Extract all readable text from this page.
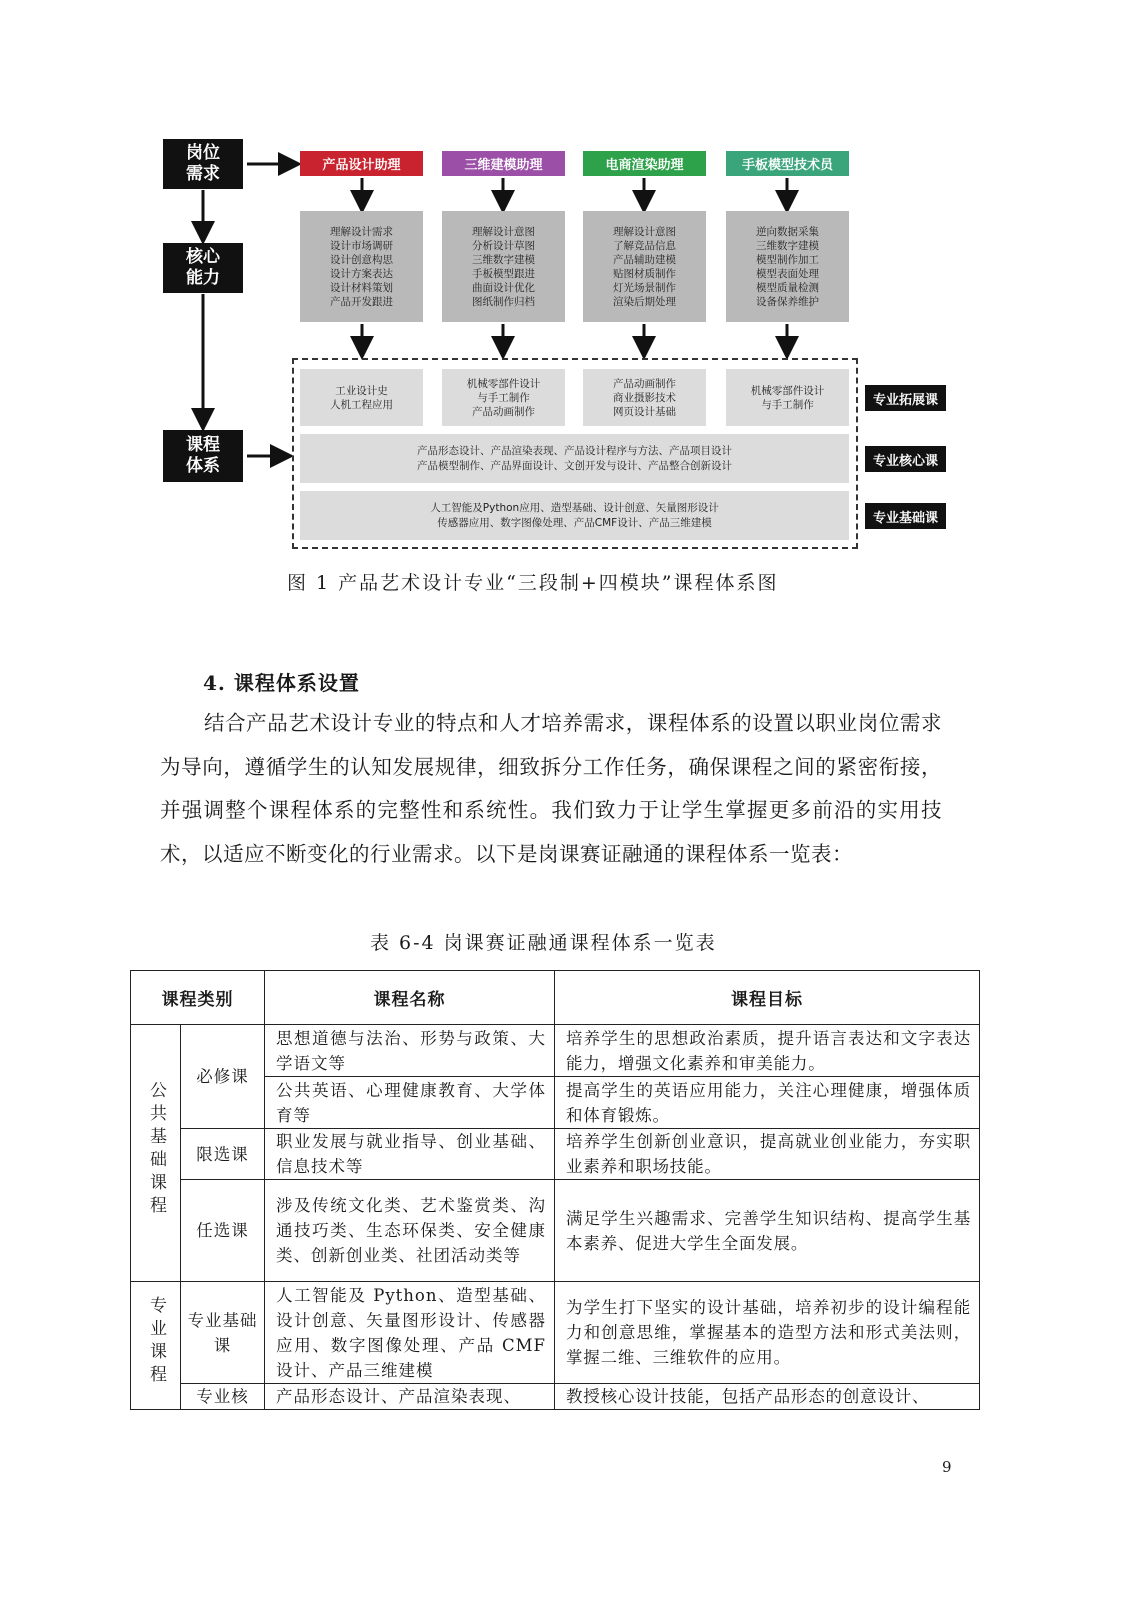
岗位
需求
核心
能力
课程
体系
产品设计助理	三维建模助理	电商渲染助理	手板模型技术员
理解设计需求
设计市场调研
设计创意构思
设计方案表达
设计材料策划
产品开发跟进
理解设计意图
分析设计草图
三维数字建模
手板模型跟进
曲面设计优化
图纸制作归档
理解设计意图
了解竞品信息
产品辅助建模
贴图材质制作
灯光场景制作
渲染后期处理
逆向数据采集
三维数字建模
模型制作加工
模型表面处理
模型质量检测
设备保养维护
工业设计史
人机工程应用
机械零部件设计
与手工制作
产品动画制作
产品动画制作
商业摄影技术
网页设计基础
机械零部件设计
与手工制作
产品形态设计、产品渲染表现、产品设计程序与方法、产品项目设计
产品模型制作、产品界面设计、文创开发与设计、产品整合创新设计
人工智能及Python应用、造型基础、设计创意、矢量图形设计
传感器应用、数字图像处理、产品CMF设计、产品三维建模
专业拓展课
专业核心课
专业基础课
图 1 产品艺术设计专业“三段制+四模块”课程体系图
4. 课程体系设置
结合产品艺术设计专业的特点和人才培养需求，课程体系的设置以职业岗位需求为导向，遵循学生的认知发展规律，细致拆分工作任务，确保课程之间的紧密衔接，并强调整个课程体系的完整性和系统性。我们致力于让学生掌握更多前沿的实用技术，以适应不断变化的行业需求。以下是岗课赛证融通的课程体系一览表：
表 6-4 岗课赛证融通课程体系一览表
课程类别		课程名称	课程目标
公共基础课程	必修课	思想道德与法治、形势与政策、大学语文等	培养学生的思想政治素质，提升语言表达和文字表达能力，增强文化素养和审美能力。
		公共英语、心理健康教育、大学体育等	提高学生的英语应用能力，关注心理健康，增强体质和体育锻炼。
	限选课	职业发展与就业指导、创业基础、信息技术等	培养学生创新创业意识，提高就业创业能力，夯实职业素养和职场技能。
	任选课	涉及传统文化类、艺术鉴赏类、沟通技巧类、生态环保类、安全健康类、创新创业类、社团活动类等	满足学生兴趣需求、完善学生知识结构、提高学生基本素养、促进大学生全面发展。
专业课程	专业基础课	人工智能及 Python、造型基础、设计创意、矢量图形设计、传感器应用、数字图像处理、产品 CMF 设计、产品三维建模	为学生打下坚实的设计基础，培养初步的设计编程能力和创意思维，掌握基本的造型方法和形式美法则，掌握二维、三维软件的应用。
	专业核	产品形态设计、产品渲染表现、	教授核心设计技能，包括产品形态的创意设计、
9
